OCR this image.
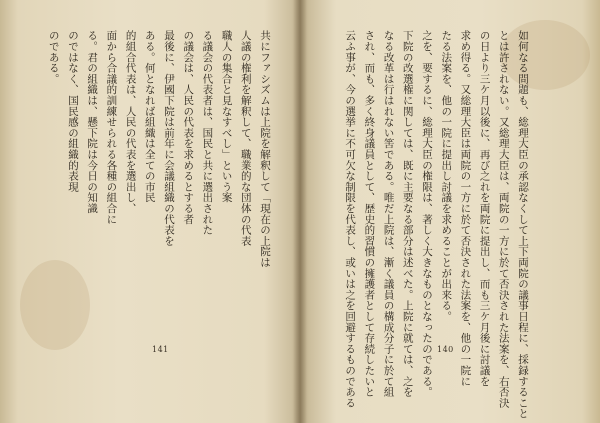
共にファシズムは上院を解釈して「現在の上院は
人議の権利を解釈して、職業的な団体の代表
職人の集合と見なすべし」という案
る議会の代表者は、国民と共に選出された
の議会は、人民の代表を求めるとする者
最後に、伊國下院は前年に会議組織の代表を
ある。何となれば組織は全ての市民
的組合代表は、人民の代表を選出し、
面から合議的訓練せられる各種の組合に
る。君の組織は、懸下院は今日の知識
のではなく、国民感の組織的表現
のである。
141	如何なる問題も、総理大臣の承認なくして上下両院の議事日程に、採録すること
とは許されない。又総理大臣は、両院の一方に於て否決された法案を、右否決
の日より三ケ月以後に、再び之れを両院に提出し、而も三ケ月後に討議を
求め得る。又総理大臣は両院の一方に於て否決された法案を、他の一院に
たる法案を、他の一院に提出し討議を求めることが出来る。
之を、要するに、総理大臣の権限は、著しく大きなものとなったのである。
下院の改選権に関しては、既に主要なる部分は述べた。上院に就ては、之を
なる改革は行はれない筈である。唯だ上院は、漸く議員の構成分子に於て組
され、而も、多く終身議員として、歴史的習慣の擁護者として存続したいと
云ふ事が、今の選挙に不可欠な制限を代表し、或いは之を回避するものである	140
